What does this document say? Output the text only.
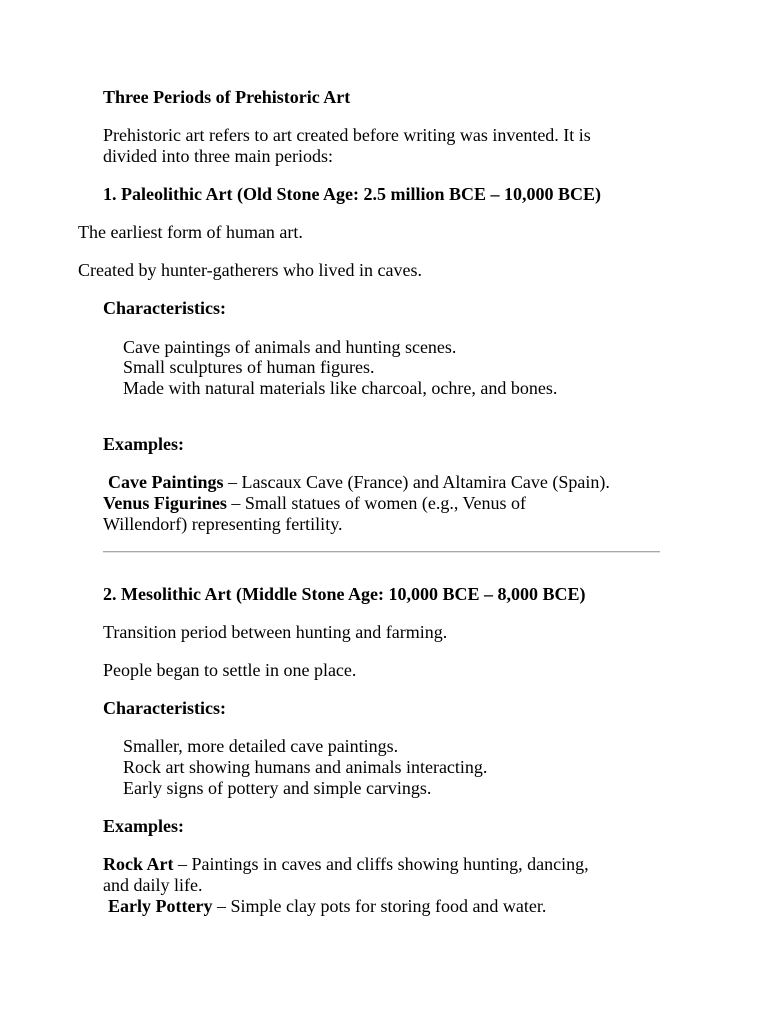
Three Periods of Prehistoric Art
Prehistoric art refers to art created before writing was invented. It is
divided into three main periods:
1. Paleolithic Art (Old Stone Age: 2.5 million BCE – 10,000 BCE)
The earliest form of human art.
Created by hunter-gatherers who lived in caves.
Characteristics:
Cave paintings of animals and hunting scenes.
Small sculptures of human figures.
Made with natural materials like charcoal, ochre, and bones.
Examples:
Cave Paintings – Lascaux Cave (France) and Altamira Cave (Spain).
Venus Figurines – Small statues of women (e.g., Venus of
Willendorf) representing fertility.
2. Mesolithic Art (Middle Stone Age: 10,000 BCE – 8,000 BCE)
Transition period between hunting and farming.
People began to settle in one place.
Characteristics:
Smaller, more detailed cave paintings.
Rock art showing humans and animals interacting.
Early signs of pottery and simple carvings.
Examples:
Rock Art – Paintings in caves and cliffs showing hunting, dancing,
and daily life.
Early Pottery – Simple clay pots for storing food and water.
